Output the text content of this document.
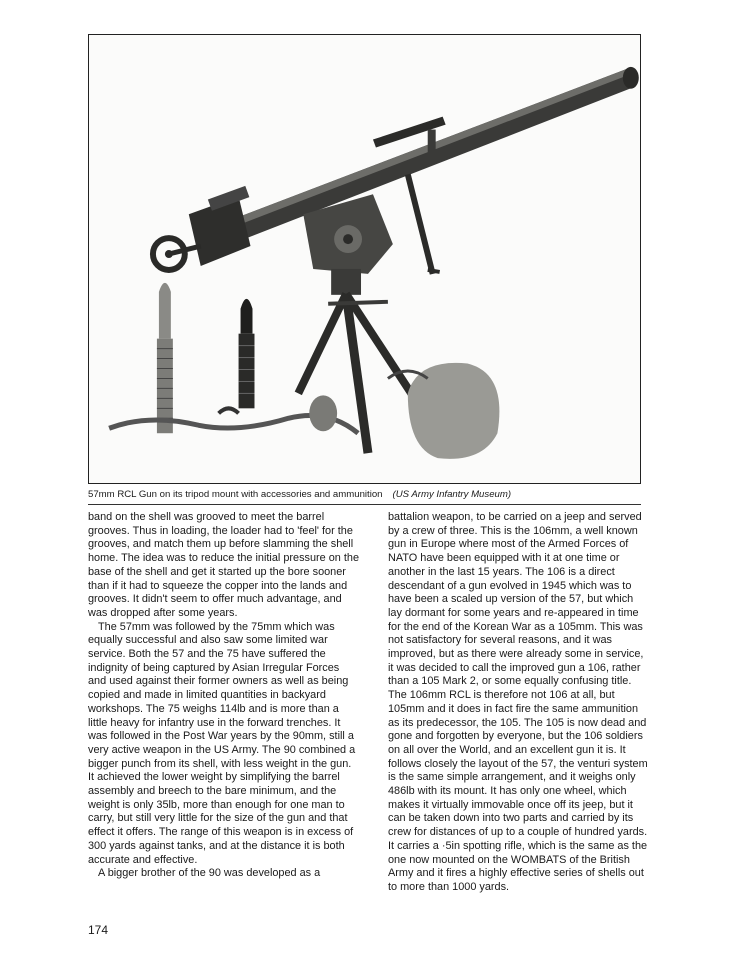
57mm RCL Gun on its tripod mount with accessories and ammunition (US Army Infantry Museum)

band on the shell was grooved to meet the barrel grooves. Thus in loading, the loader had to 'feel' for the grooves, and match them up before slamming the shell home. The idea was to reduce the initial pressure on the base of the shell and get it started up the bore sooner than if it had to squeeze the copper into the lands and grooves. It didn't seem to offer much advantage, and was dropped after some years.

The 57mm was followed by the 75mm which was equally successful and also saw some limited war service. Both the 57 and the 75 have suffered the indignity of being captured by Asian Irregular Forces and used against their former owners as well as being copied and made in limited quantities in backyard workshops. The 75 weighs 114lb and is more than a little heavy for infantry use in the forward trenches. It was followed in the Post War years by the 90mm, still a very active weapon in the US Army. The 90 combined a bigger punch from its shell, with less weight in the gun. It achieved the lower weight by simplifying the barrel assembly and breech to the bare minimum, and the weight is only 35lb, more than enough for one man to carry, but still very little for the size of the gun and that effect it offers. The range of this weapon is in excess of 300 yards against tanks, and at the distance it is both accurate and effective.

A bigger brother of the 90 was developed as a

battalion weapon, to be carried on a jeep and served by a crew of three. This is the 106mm, a well known gun in Europe where most of the Armed Forces of NATO have been equipped with it at one time or another in the last 15 years. The 106 is a direct descendant of a gun evolved in 1945 which was to have been a scaled up version of the 57, but which lay dormant for some years and re-appeared in time for the end of the Korean War as a 105mm. This was not satisfactory for several reasons, and it was improved, but as there were already some in service, it was decided to call the improved gun a 106, rather than a 105 Mark 2, or some equally confusing title. The 106mm RCL is therefore not 106 at all, but 105mm and it does in fact fire the same ammunition as its predecessor, the 105. The 105 is now dead and gone and forgotten by everyone, but the 106 soldiers on all over the World, and an excellent gun it is. It follows closely the layout of the 57, the venturi system is the same simple arrangement, and it weighs only 486lb with its mount. It has only one wheel, which makes it virtually immovable once off its jeep, but it can be taken down into two parts and carried by its crew for distances of up to a couple of hundred yards. It carries a ·5in spotting rifle, which is the same as the one now mounted on the WOMBATS of the British Army and it fires a highly effective series of shells out to more than 1000 yards.

174
